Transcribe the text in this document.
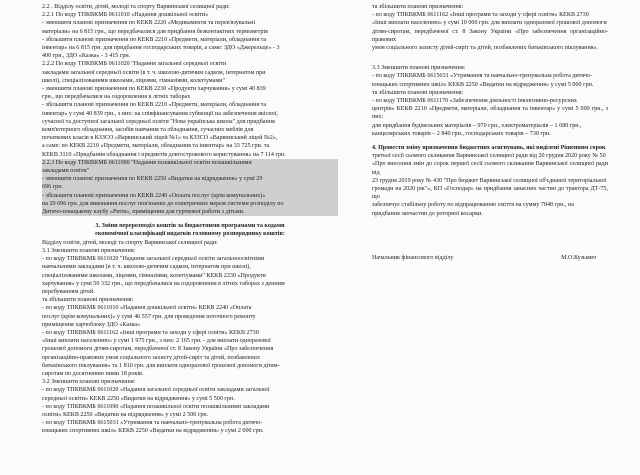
2.2 . Відділу освіти, дітей, молоді та спорту Варвинської селищної ради:

2.2.1 По коду ТПКВКМБ 0611010 «Надання дошкільної освіти»

- зменшити планові призначення по КЕКВ 2220 «Медикаменти та перев'язувальні

матеріали» на 6 815 грн., що передбачалися для придбання безконтактних термометрів

- збільшити планові призначення по КЕКВ 2210 «Предмети, матеріали, обладнання та

інвентар» на 6 815 грн. для придбання господарських товарів, а саме: ЗДО «Джерельце» - 3

400 грн., ЗДО «Казка» - 3 415 грн.

2.2.2 По коду ТПКВКМБ 0611020 "Надання загальної середньої освіти

закладами загальної середньої освіти (в т. ч. школою-дитячим садком, інтернатом при

школі), спеціалізованими школами, ліцеями, гімназіями, колегіумами"

- зменшити планові призначення по КЕКВ 2230 «Продукти харчування» у сумі 40 839

грн., що передбачалися на оздоровлення в літніх таборах

- збільшити планові призначення по КЕКВ 2210 «Предмети, матеріали, обладнання та

інвентар» у сумі 40 839 грн., з них: на співфінансування субвенції на забезпечення якісної,

сучасної та доступної загальної середньої освіти "Нова українська школа" для придбання

комп'ютерного обладнання, засобів навчання та обладнання, сучасних меблів для

початкових класів в КЗЗСО «Варвинський ліцей №1» та КЗЗСО «Варвинський ліцей №2»,

а саме: по КЕКВ 2210 «Предмети, матеріали, обладнання та інвентар» на 33 725 грн. та

КЕКВ 3110 «Придбання обладнання і предметів довгострокового користування» на 7 114 грн.

2.2.3 По коду ТПКВКМБ 0611090 "Надання позашкільної освіти позашкільними

закладами освіти"

- зменшити планові призначення по КЕКВ 2250 «Видатки на відрядження» у сумі 29

696 грн.

- збільшити планові призначення по КЕКВ 2240 «Оплата послуг (крім комунальних)»

на 29 696 грн. для виконання послуг пов'язаних до електричних мереж системи розподілу по

Дитячо-юнацькому клубу «Ритм», приміщення для гурткової роботи з дітьми.

3. Зміни перерозподіл коштів за бюджетними програмами та кодами

економічної класифікації видатків головному розпоряднику коштів:

Відділу освіти, дітей, молоді та спорту Варвинської селищної ради:

3.1 Зменшити планові призначення:

- по коду ТПКВКМБ 0611020 "Надання загальної середньої освіти загальноосвітніми

навчальними закладами (в т. ч. школою-дитячим садком, інтернатом при школі),

спеціалізованими школами, ліцеями, гімназіями, колегіумами" КЕКВ 2230 «Продукти

харчування» у сумі 50 332 грн., що передбачалися на оздоровлення в літніх таборах з денним

перебуванням дітей.

та збільшити планові призначення:

- по коду ТПКВКМБ 0611010 «Надання дошкільної освіти» КЕКВ 2240 «Оплата

послуг (крім комунальних)» у сумі 46 557 грн. для проведення поточного ремонту

приміщення харчоблоку ЗДО «Казка»

- по коду ТПКВКМБ 0611162 «Інші програми та заходи у сфері освіти» КЕКВ 2730

«Інші виплати населенню» у сумі 1 975 грн., з них: 2 165 грн. - для виплати одноразової

грошової допомоги дітям-сиротам, передбаченої ст. 8 Закону України «Про забезпечення

організаційно-правових умов соціального захисту дітей-сиріт та дітей, позбавлених

батьківського піклування» та 1 810 грн. для виплати одноразової грошової допомоги дітям-

сиротам по досягненню ними 18 років.

3.2 Зменшити планові призначення:

- по коду ТПКВКМБ 0611020 «Надання загальної середньої освіти закладами загальної

середньої освіти» КЕКВ 2250 «Видатки на відрядження» у сумі 5 500 грн.

- по коду ТПКВКМБ 0611090 «Надання позашкільної освіти позашкільними закладами

освіти» КЕКВ 2250 «Видатки на відрядження» у сумі 2 500 грн.

- по коду ТПКВКМБ 0615031 «Утримання та навчально-тренувальна робота дитячо-

юнацьких спортивних шкіл» КЕКВ 2250 «Видатки на відрядження» у сумі 2 000 грн.

та збільшити планові призначення:

- по коду ТПКВКМБ 0611162 «Інші програми та заходи у сфері освіти» КЕКВ 2730

«Інші виплати населенню» у сумі 10 000 грн. для виплати одноразової грошової допомоги

дітям-сиротам, передбаченої ст. 8 Закону України «Про забезпечення організаційно-правових

умов соціального захисту дітей-сиріт та дітей, позбавлених батьківського піклування».

3.3 Зменшити планові призначення:

- по коду ТПКВКМБ 0615031 «Утримання та навчально-тренувальна робота дитячо-

юнацьких спортивних шкіл» КЕКВ 2250 «Видатки на відрядження» у сумі 5 000 грн.

та збільшити планові призначення:

- по коду ТПКВКМБ 0611170 «Забезпечення діяльності інклюзивно-ресурсних

центрів» КЕКВ 2210 «Предмети, матеріали, обладнання та інвентар» у сумі 5 000 грн., з них:

для придбання будівельних матеріалів – 970 грн., електроматеріалів – 1 680 грн.,

канцелярських товарів – 2 840 грн., господарських товарів – 730 грн.

4. Провести зміну призначення бюджетних асигнувань, які виділені Рішенням сорок

третьої сесії сьомого скликання Варвинської селищної ради від 20 грудня 2020 року № 50

«Про внесення змін до сорок першої сесії сьомого скликання Варвинської селищної ради від

23 грудня 2019 року № 430 "Про бюджет Варвинської селищної об'єднаної територіальної

громади на 2020 рік"», КП «Господар» на придбання запасних частин до трактора ДТ-75, що

забезпечує стабільну роботу по відпрацюванню сміття на сумму 7848 грн., на

придбання запчастин до роторної косарки.

Начальник фінансового відділу	М.О.Кузьмич
